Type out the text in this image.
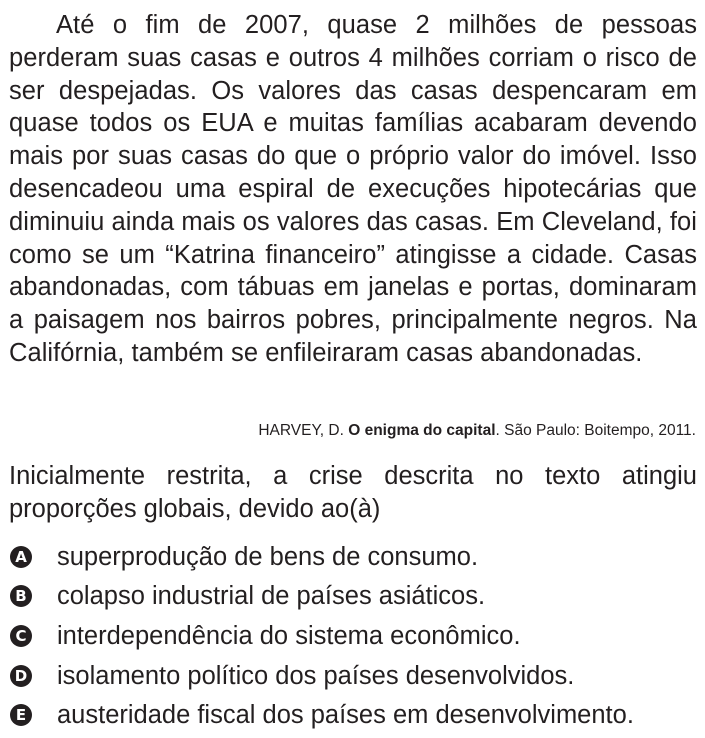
Até o fim de 2007, quase 2 milhões de pessoas perderam suas casas e outros 4 milhões corriam o risco de ser despejadas. Os valores das casas despencaram em quase todos os EUA e muitas famílias acabaram devendo mais por suas casas do que o próprio valor do imóvel. Isso desencadeou uma espiral de execuções hipotecárias que diminuiu ainda mais os valores das casas. Em Cleveland, foi como se um “Katrina financeiro” atingisse a cidade. Casas abandonadas, com tábuas em janelas e portas, dominaram a paisagem nos bairros pobres, principalmente negros. Na Califórnia, também se enfileiraram casas abandonadas.

HARVEY, D. O enigma do capital. São Paulo: Boitempo, 2011.

Inicialmente restrita, a crise descrita no texto atingiu proporções globais, devido ao(à)

A superprodução de bens de consumo.
B colapso industrial de países asiáticos.
C interdependência do sistema econômico.
D isolamento político dos países desenvolvidos.
E austeridade fiscal dos países em desenvolvimento.
